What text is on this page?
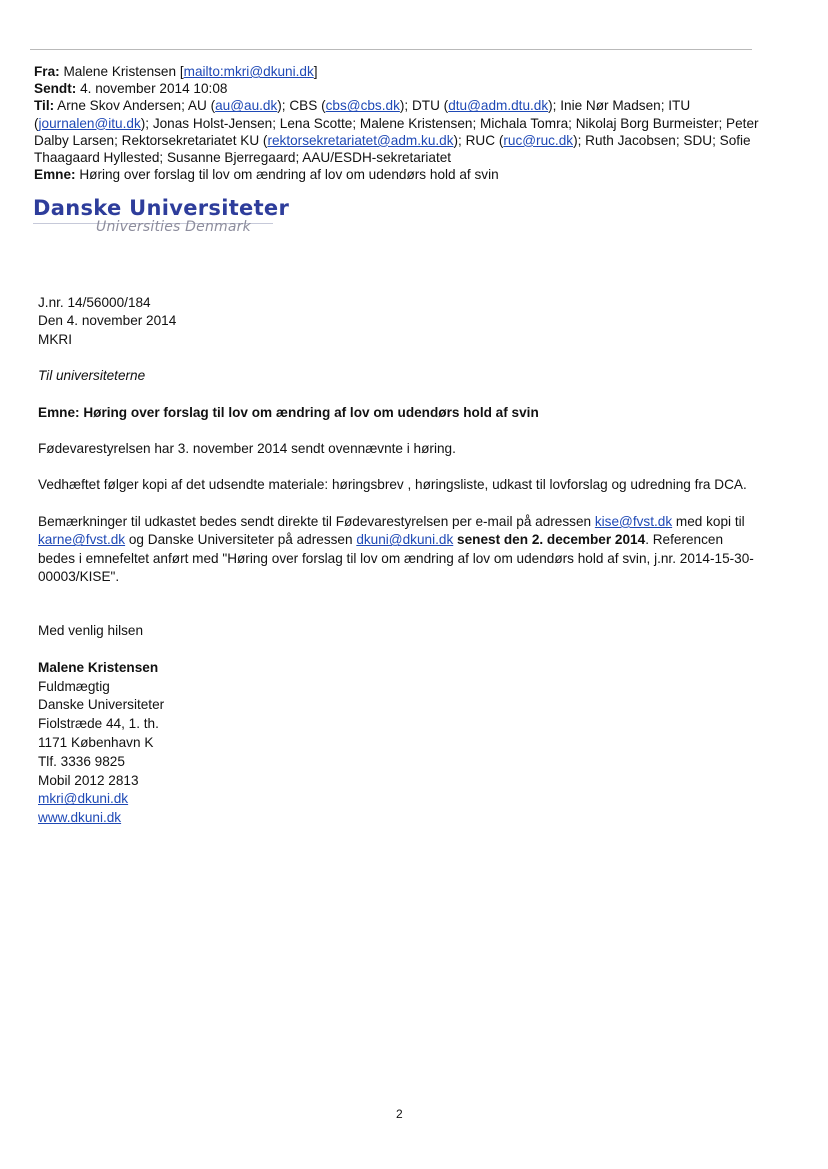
Fra: Malene Kristensen [mailto:mkri@dkuni.dk]
Sendt: 4. november 2014 10:08
Til: Arne Skov Andersen; AU (au@au.dk); CBS (cbs@cbs.dk); DTU (dtu@adm.dtu.dk); Inie Nør Madsen; ITU (journalen@itu.dk); Jonas Holst-Jensen; Lena Scotte; Malene Kristensen; Michala Tomra; Nikolaj Borg Burmeister; Peter Dalby Larsen; Rektorsekretariatet KU (rektorsekretariatet@adm.ku.dk); RUC (ruc@ruc.dk); Ruth Jacobsen; SDU; Sofie Thaagaard Hyllested; Susanne Bjerregaard; AAU/ESDH-sekretariatet
Emne: Høring over forslag til lov om ændring af lov om udendørs hold af svin
Danske Universiteter
Universities Denmark

J.nr. 14/56000/184
Den 4. november 2014
MKRI

Til universiteterne

Emne: Høring over forslag til lov om ændring af lov om udendørs hold af svin

Fødevarestyrelsen har 3. november 2014 sendt ovennævnte i høring.

Vedhæftet følger kopi af det udsendte materiale: høringsbrev , høringsliste, udkast til lovforslag og udredning fra DCA.

Bemærkninger til udkastet bedes sendt direkte til Fødevarestyrelsen per e-mail på adressen kise@fvst.dk med kopi til karne@fvst.dk og Danske Universiteter på adressen dkuni@dkuni.dk senest den 2. december 2014. Referencen bedes i emnefeltet anført med "Høring over forslag til lov om ændring af lov om udendørs hold af svin, j.nr. 2014-15-30-00003/KISE".

Med venlig hilsen

Malene Kristensen
Fuldmægtig
Danske Universiteter
Fiolstræde 44, 1. th.
1171 København K
Tlf. 3336 9825
Mobil 2012 2813
mkri@dkuni.dk
www.dkuni.dk
2
